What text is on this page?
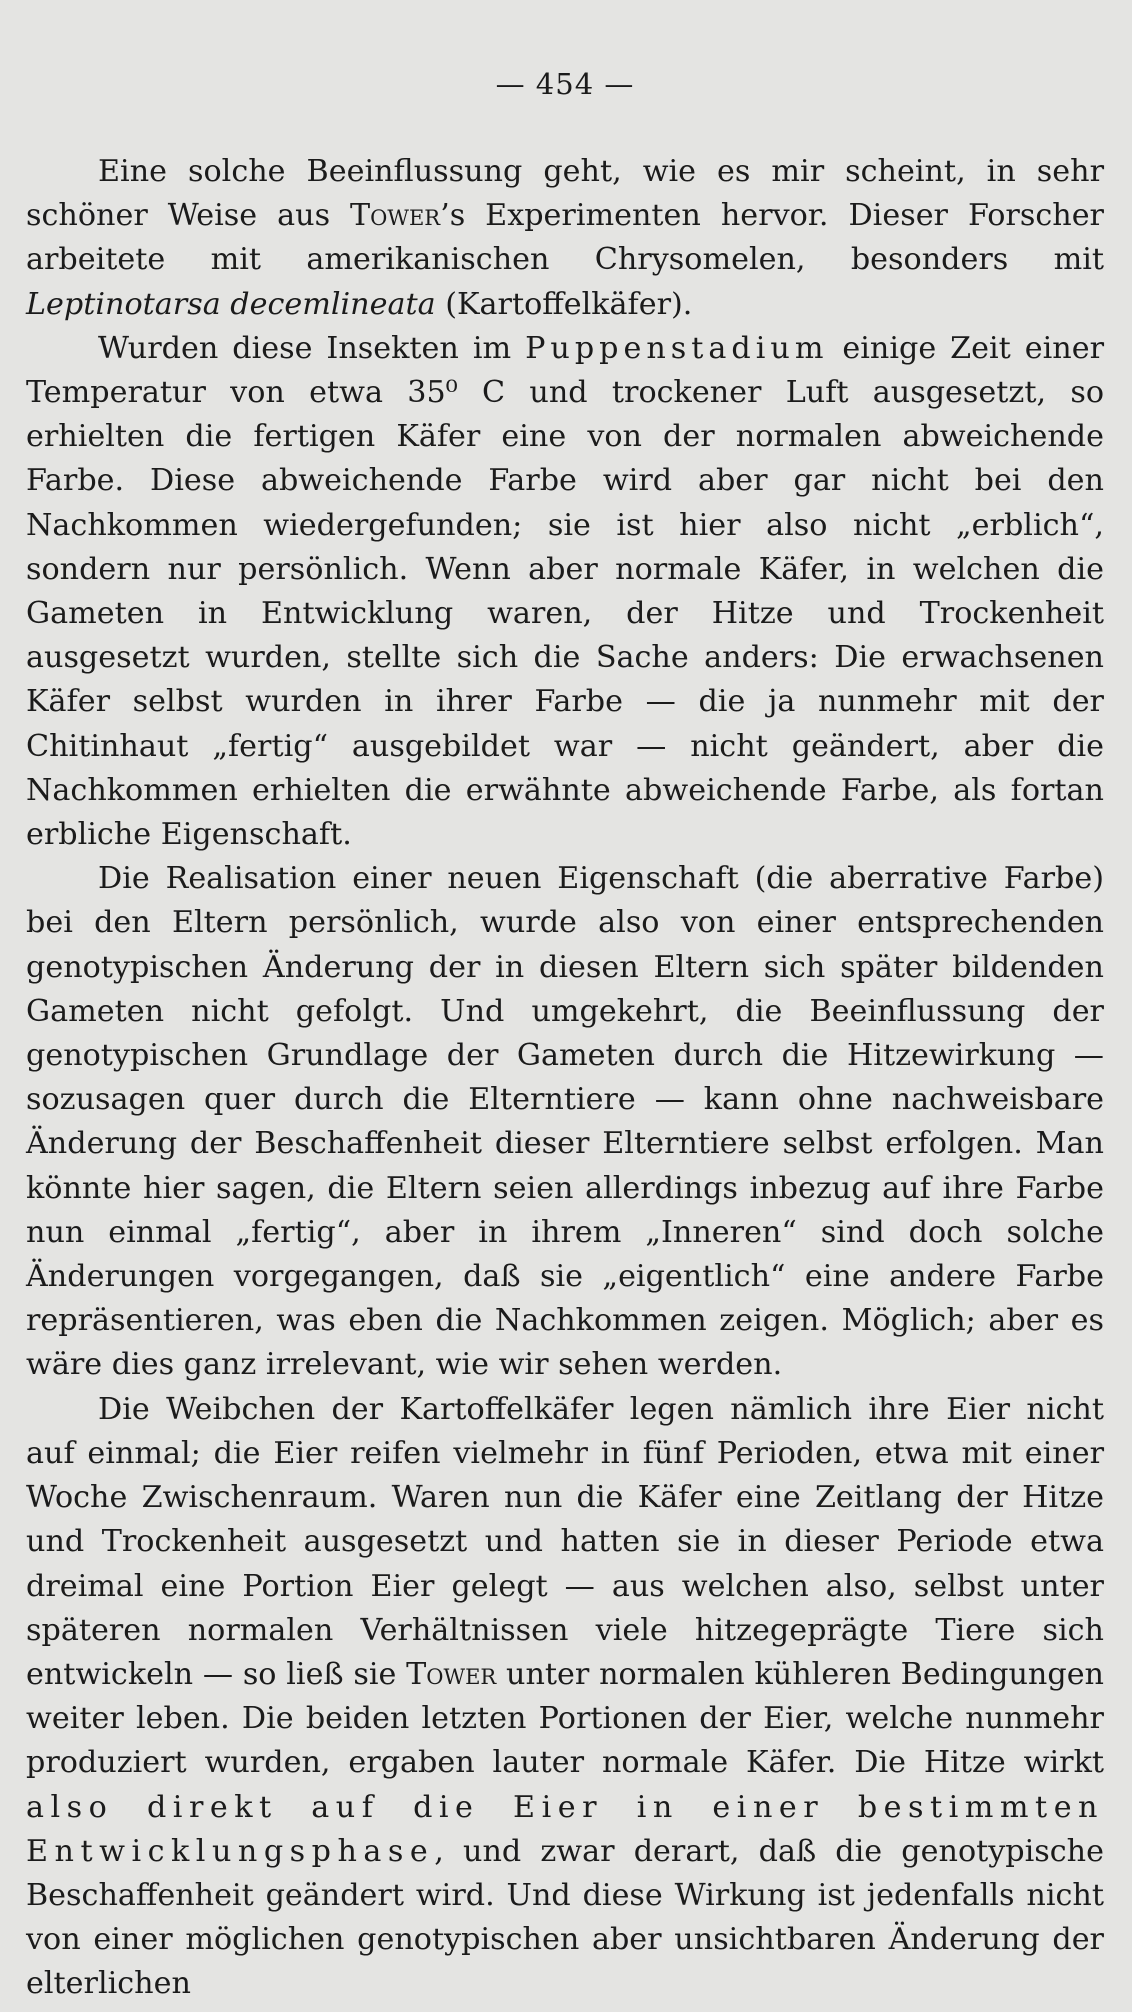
— 454 —

Eine solche Beeinflussung geht, wie es mir scheint, in sehr schöner Weise aus Tower’s Experimenten hervor. Dieser Forscher arbeitete mit amerikanischen Chrysomelen, besonders mit Leptinotarsa decemlineata (Kartoffelkäfer).

Wurden diese Insekten im Puppenstadium einige Zeit einer Temperatur von etwa 35⁰ C und trockener Luft ausgesetzt, so erhielten die fertigen Käfer eine von der normalen abweichende Farbe. Diese abweichende Farbe wird aber gar nicht bei den Nachkommen wiedergefunden; sie ist hier also nicht „erblich“, sondern nur persönlich. Wenn aber normale Käfer, in welchen die Gameten in Entwicklung waren, der Hitze und Trockenheit ausgesetzt wurden, stellte sich die Sache anders: Die erwachsenen Käfer selbst wurden in ihrer Farbe — die ja nunmehr mit der Chitinhaut „fertig“ ausgebildet war — nicht geändert, aber die Nachkommen erhielten die erwähnte abweichende Farbe, als fortan erbliche Eigenschaft.

Die Realisation einer neuen Eigenschaft (die aberrative Farbe) bei den Eltern persönlich, wurde also von einer entsprechenden genotypischen Änderung der in diesen Eltern sich später bildenden Gameten nicht gefolgt. Und umgekehrt, die Beeinflussung der genotypischen Grundlage der Gameten durch die Hitzewirkung — sozusagen quer durch die Elterntiere — kann ohne nachweisbare Änderung der Beschaffenheit dieser Elterntiere selbst erfolgen. Man könnte hier sagen, die Eltern seien allerdings inbezug auf ihre Farbe nun einmal „fertig“, aber in ihrem „Inneren“ sind doch solche Änderungen vorgegangen, daß sie „eigentlich“ eine andere Farbe repräsentieren, was eben die Nachkommen zeigen. Möglich; aber es wäre dies ganz irrelevant, wie wir sehen werden.

Die Weibchen der Kartoffelkäfer legen nämlich ihre Eier nicht auf einmal; die Eier reifen vielmehr in fünf Perioden, etwa mit einer Woche Zwischenraum. Waren nun die Käfer eine Zeitlang der Hitze und Trockenheit ausgesetzt und hatten sie in dieser Periode etwa dreimal eine Portion Eier gelegt — aus welchen also, selbst unter späteren normalen Verhältnissen viele hitzegeprägte Tiere sich entwickeln — so ließ sie Tower unter normalen kühleren Bedingungen weiter leben. Die beiden letzten Portionen der Eier, welche nunmehr produziert wurden, ergaben lauter normale Käfer. Die Hitze wirkt also direkt auf die Eier in einer bestimmten Entwicklungsphase, und zwar derart, daß die genotypische Beschaffenheit geändert wird. Und diese Wirkung ist jedenfalls nicht von einer möglichen genotypischen aber unsichtbaren Änderung der elterlichen
